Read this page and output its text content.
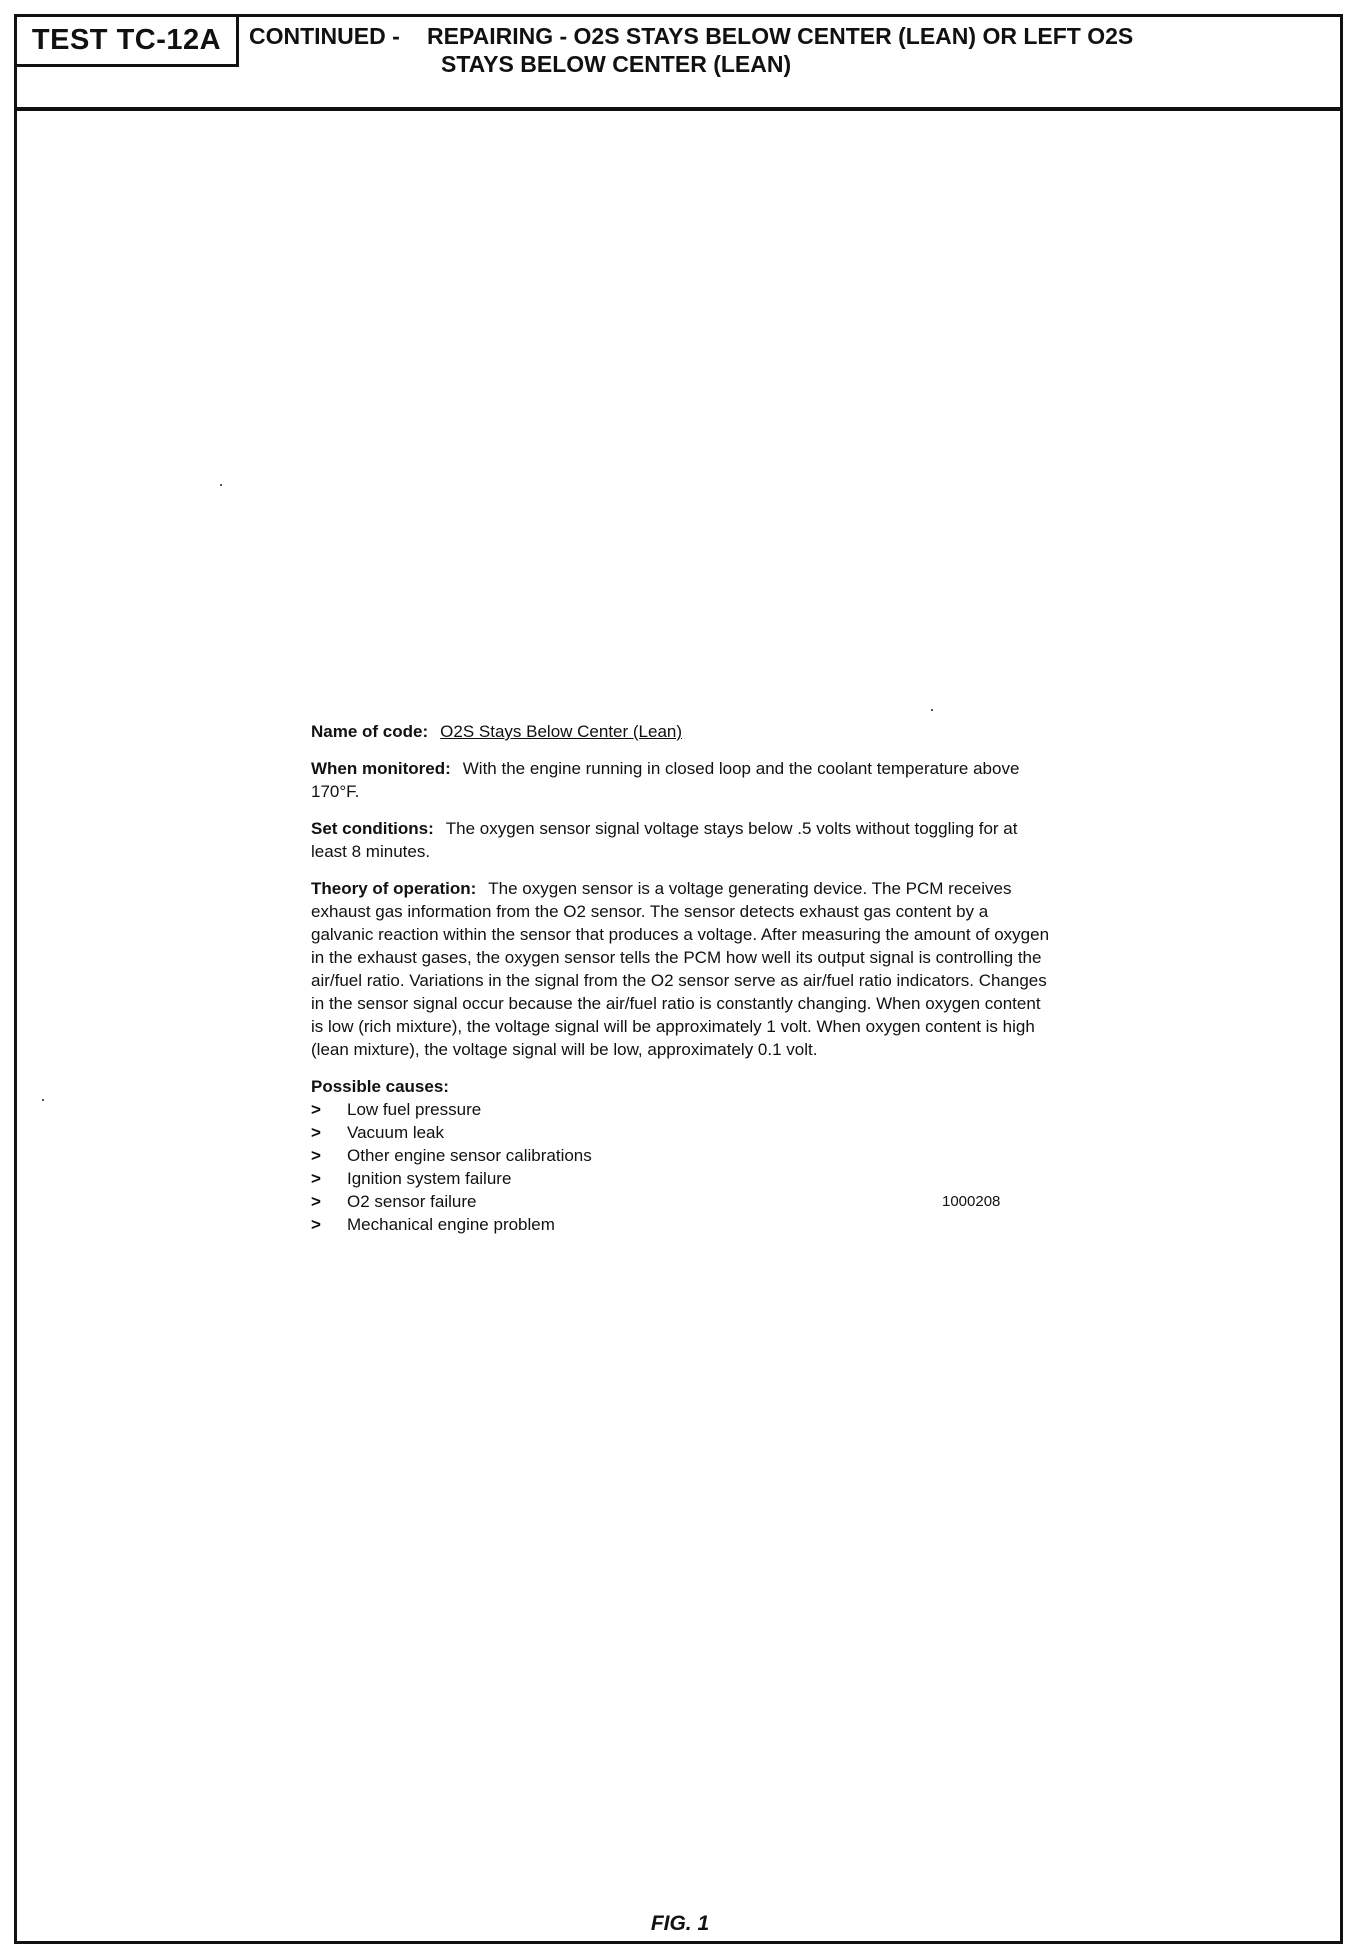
TEST TC-12A	CONTINUED - REPAIRING - O2S STAYS BELOW CENTER (LEAN) OR LEFT O2S
STAYS BELOW CENTER (LEAN)

Name of code: O2S Stays Below Center (Lean)

When monitored: With the engine running in closed loop and the coolant temperature above 170°F.

Set conditions: The oxygen sensor signal voltage stays below .5 volts without toggling for at least 8 minutes.

Theory of operation: The oxygen sensor is a voltage generating device. The PCM receives exhaust gas information from the O2 sensor. The sensor detects exhaust gas content by a galvanic reaction within the sensor that produces a voltage. After measuring the amount of oxygen in the exhaust gases, the oxygen sensor tells the PCM how well its output signal is controlling the air/fuel ratio. Variations in the signal from the O2 sensor serve as air/fuel ratio indicators. Changes in the sensor signal occur because the air/fuel ratio is constantly changing. When oxygen content is low (rich mixture), the voltage signal will be approximately 1 volt. When oxygen content is high (lean mixture), the voltage signal will be low, approximately 0.1 volt.

Possible causes:

>	Low fuel pressure
>	Vacuum leak
>	Other engine sensor calibrations
>	Ignition system failure
>	O2 sensor failure	1000208
>	Mechanical engine problem
FIG. 1
